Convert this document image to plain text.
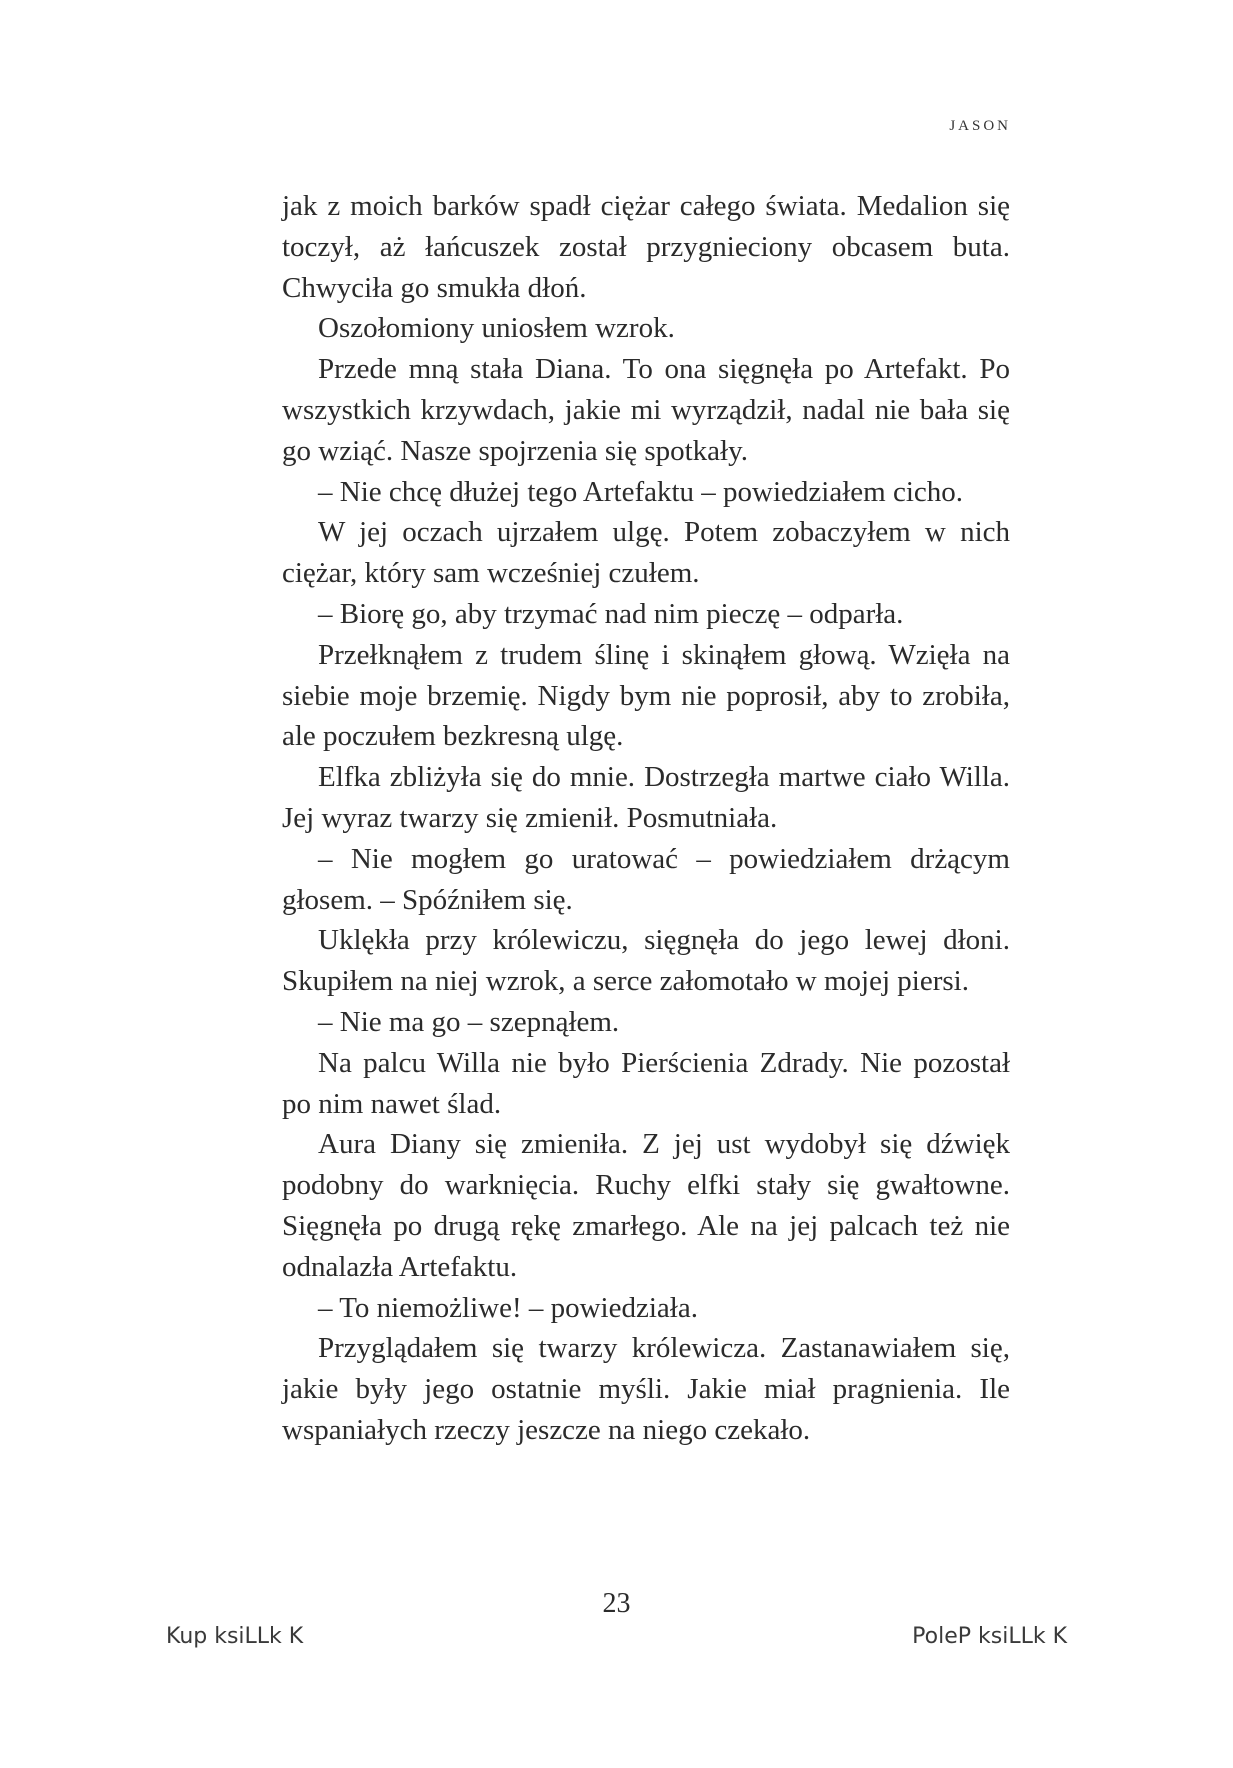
JASON

jak z moich barków spadł ciężar całego świata. Medalion się toczył, aż łańcuszek został przygnieciony obcasem buta. Chwyciła go smukła dłoń.

Oszołomiony uniosłem wzrok.

Przede mną stała Diana. To ona sięgnęła po Artefakt. Po wszystkich krzywdach, jakie mi wyrządził, nadal nie bała się go wziąć. Nasze spojrzenia się spotkały.

– Nie chcę dłużej tego Artefaktu – powiedziałem cicho.

W jej oczach ujrzałem ulgę. Potem zobaczyłem w nich ciężar, który sam wcześniej czułem.

– Biorę go, aby trzymać nad nim pieczę – odparła.

Przełknąłem z trudem ślinę i skinąłem głową. Wzięła na siebie moje brzemię. Nigdy bym nie poprosił, aby to zrobiła, ale poczułem bezkresną ulgę.

Elfka zbliżyła się do mnie. Dostrzegła martwe ciało Willa. Jej wyraz twarzy się zmienił. Posmutniała.

– Nie mogłem go uratować – powiedziałem drżącym głosem. – Spóźniłem się.

Uklękła przy królewiczu, sięgnęła do jego lewej dłoni. Skupiłem na niej wzrok, a serce załomotało w mojej piersi.

– Nie ma go – szepnąłem.

Na palcu Willa nie było Pierścienia Zdrady. Nie pozostał po nim nawet ślad.

Aura Diany się zmieniła. Z jej ust wydobył się dźwięk podobny do warknięcia. Ruchy elfki stały się gwałtowne. Sięgnęła po drugą rękę zmarłego. Ale na jej palcach też nie odnalazła Artefaktu.

– To niemożliwe! – powiedziała.

Przyglądałem się twarzy królewicza. Zastanawiałem się, jakie były jego ostatnie myśli. Jakie miał pragnienia. Ile wspaniałych rzeczy jeszcze na niego czekało.

23
Kup ksiLLk K	PoleP ksiLLk K
